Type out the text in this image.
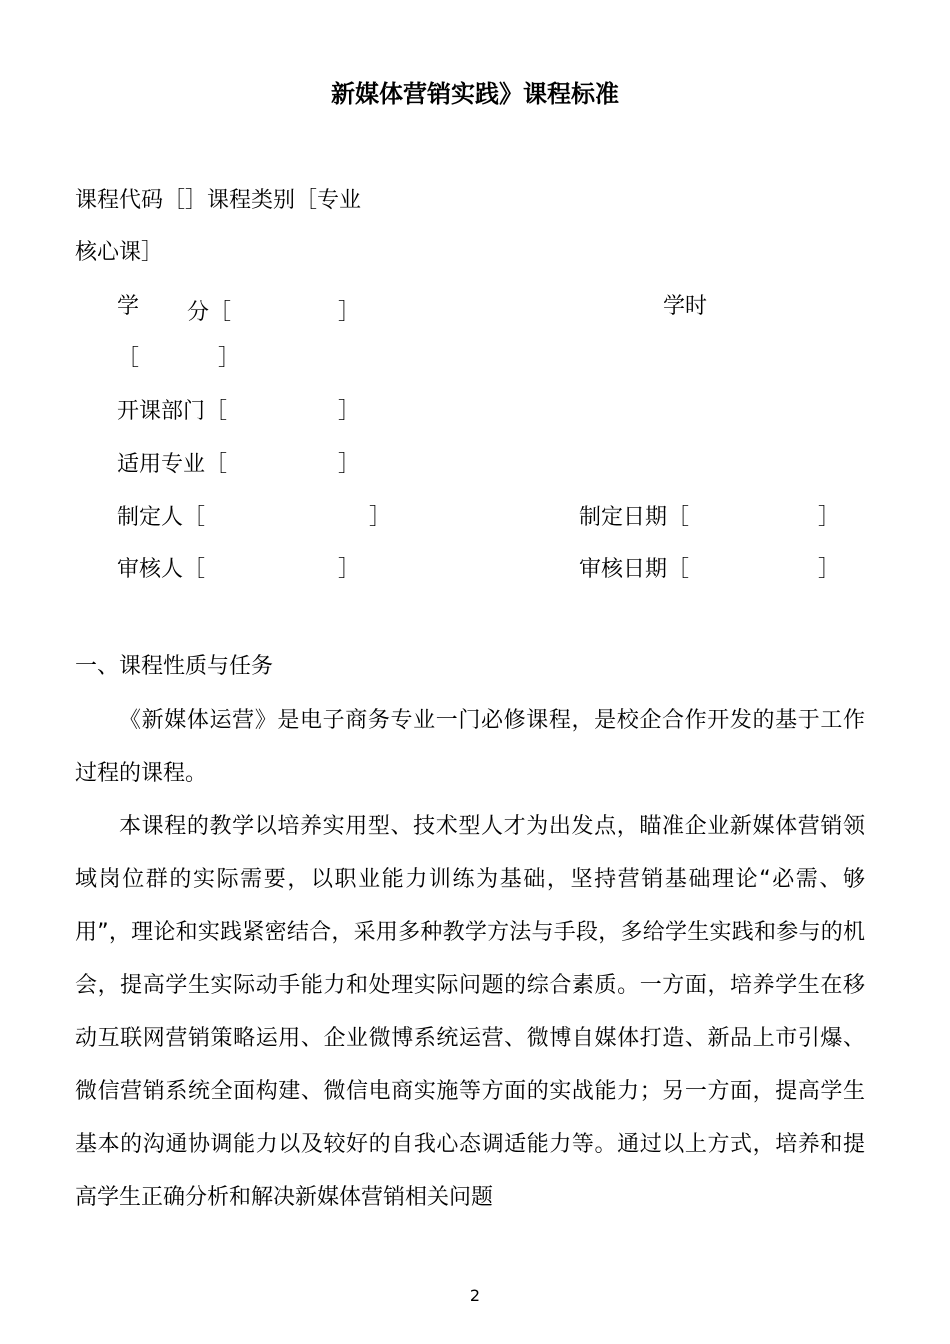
新媒体营销实践》课程标准
课程代码［］课程类别［专业
核心课］
学 分［	］	学时
［	］
开课部门［	］
适用专业［	］
制定人［	］	制定日期［	］
审核人［	］	审核日期［	］
一、课程性质与任务
《新媒体运营》是电子商务专业一门必修课程，是校企合作开发的基于工作过程的课程。
本课程的教学以培养实用型、技术型人才为出发点，瞄准企业新媒体营销领域岗位群的实际需要，以职业能力训练为基础，坚持营销基础理论“必需、够用”，理论和实践紧密结合，采用多种教学方法与手段，多给学生实践和参与的机会，提高学生实际动手能力和处理实际问题的综合素质。一方面，培养学生在移动互联网营销策略运用、企业微博系统运营、微博自媒体打造、新品上市引爆、微信营销系统全面构建、微信电商实施等方面的实战能力；另一方面，提高学生基本的沟通协调能力以及较好的自我心态调适能力等。通过以上方式，培养和提高学生正确分析和解决新媒体营销相关问题
2
